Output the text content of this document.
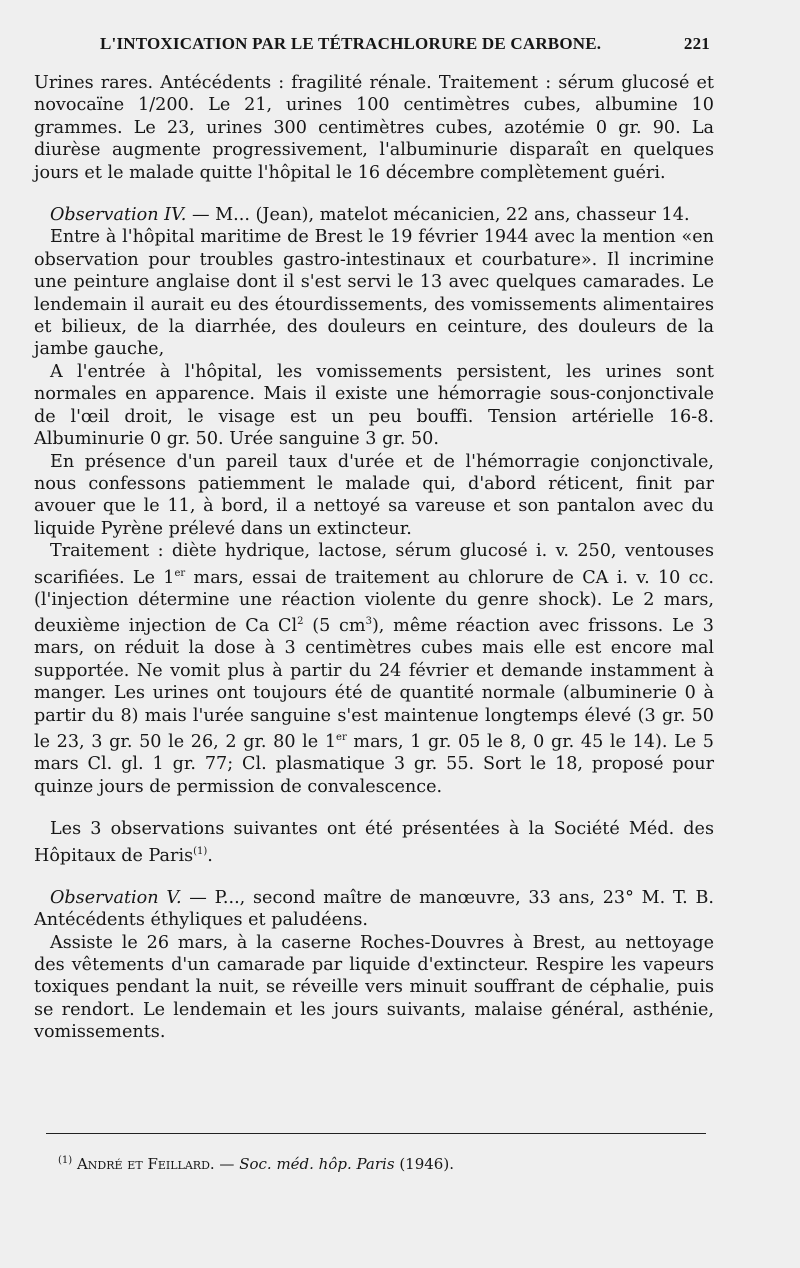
L'INTOXICATION PAR LE TÉTRACHLORURE DE CARBONE.	221

Urines rares. Antécédents : fragilité rénale. Traitement : sérum glucosé et novocaïne 1/200. Le 21, urines 100 centimètres cubes, albumine 10 grammes. Le 23, urines 300 centimètres cubes, azotémie 0 gr. 90. La diurèse augmente progressivement, l'albuminurie disparaît en quelques jours et le malade quitte l'hôpital le 16 décembre complètement guéri.

Observation IV. — M... (Jean), matelot mécanicien, 22 ans, chasseur 14.

Entre à l'hôpital maritime de Brest le 19 février 1944 avec la mention «en observation pour troubles gastro-intestinaux et courbature». Il incrimine une peinture anglaise dont il s'est servi le 13 avec quelques camarades. Le lendemain il aurait eu des étourdissements, des vomissements alimentaires et bilieux, de la diarrhée, des douleurs en ceinture, des douleurs de la jambe gauche,

A l'entrée à l'hôpital, les vomissements persistent, les urines sont normales en apparence. Mais il existe une hémorragie sous-conjonctivale de l'œil droit, le visage est un peu bouffi. Tension artérielle 16-8. Albuminurie 0 gr. 50. Urée sanguine 3 gr. 50.

En présence d'un pareil taux d'urée et de l'hémorragie conjonctivale, nous confessons patiemment le malade qui, d'abord réticent, finit par avouer que le 11, à bord, il a nettoyé sa vareuse et son pantalon avec du liquide Pyrène prélevé dans un extincteur.

Traitement : diète hydrique, lactose, sérum glucosé i. v. 250, ventouses scarifiées. Le 1er mars, essai de traitement au chlorure de CA i. v. 10 cc. (l'injection détermine une réaction violente du genre shock). Le 2 mars, deuxième injection de Ca Cl$^2$ (5 $cm^3$), même réaction avec frissons. Le 3 mars, on réduit la dose à 3 centimètres cubes mais elle est encore mal supportée. Ne vomit plus à partir du 24 février et demande instamment à manger. Les urines ont toujours été de quantité normale (albuminerie 0 à partir du 8) mais l'urée sanguine s'est maintenue longtemps élevé (3 gr. 50 le 23, 3 gr. 50 le 26, 2 gr. 80 le 1er mars, 1 gr. 05 le 8, 0 gr. 45 le 14). Le 5 mars Cl. gl. 1 gr. 77; Cl. plasmatique 3 gr. 55. Sort le 18, proposé pour quinze jours de permission de convalescence.

Les 3 observations suivantes ont été présentées à la Société Méd. des Hôpitaux de Paris$^{(1)}$.

Observation V. — P..., second maître de manœuvre, 33 ans, 23° M. T. B. Antécédents éthyliques et paludéens.

Assiste le 26 mars, à la caserne Roches-Douvres à Brest, au nettoyage des vêtements d'un camarade par liquide d'extincteur. Respire les vapeurs toxiques pendant la nuit, se réveille vers minuit souffrant de céphalie, puis se rendort. Le lendemain et les jours suivants, malaise général, asthénie, vomissements.

$^{(1)}$ André et Feillard. — Soc. méd. hôp. Paris (1946).
